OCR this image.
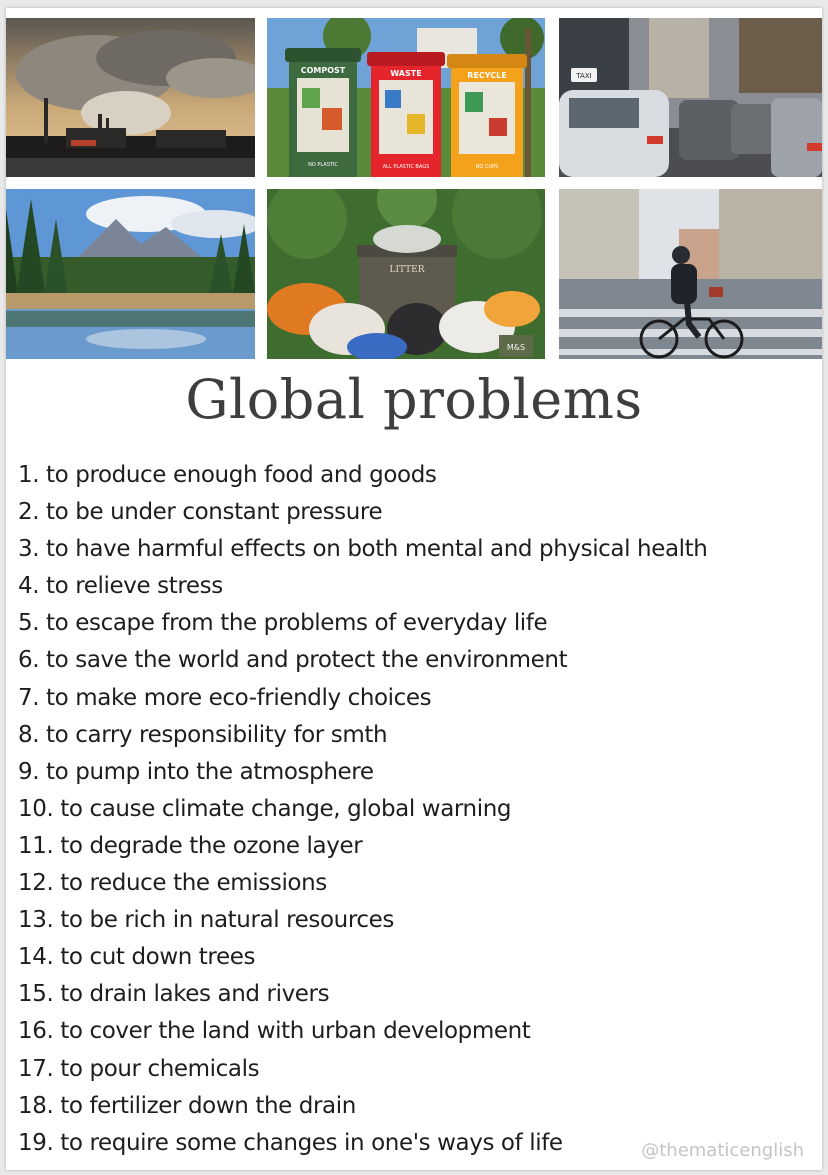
COMPOST
NO PLASTIC
WASTE
ALL PLASTIC BAGS
RECYCLE
NO CUPS
TAXI
LITTER
M&S
Global problems
1. to produce enough food and goods
2. to be under constant pressure
3. to have harmful effects on both mental and physical health
4. to relieve stress
5. to escape from the problems of everyday life
6. to save the world and protect the environment
7. to make more eco-friendly choices
8. to carry responsibility for smth
9. to pump into the atmosphere
10. to cause climate change, global warning
11. to degrade the ozone layer
12. to reduce the emissions
13. to be rich in natural resources
14. to cut down trees
15. to drain lakes and rivers
16. to cover the land with urban development
17. to pour chemicals
18. to fertilizer down the drain
19. to require some changes in one's ways of life	@thematicenglish
